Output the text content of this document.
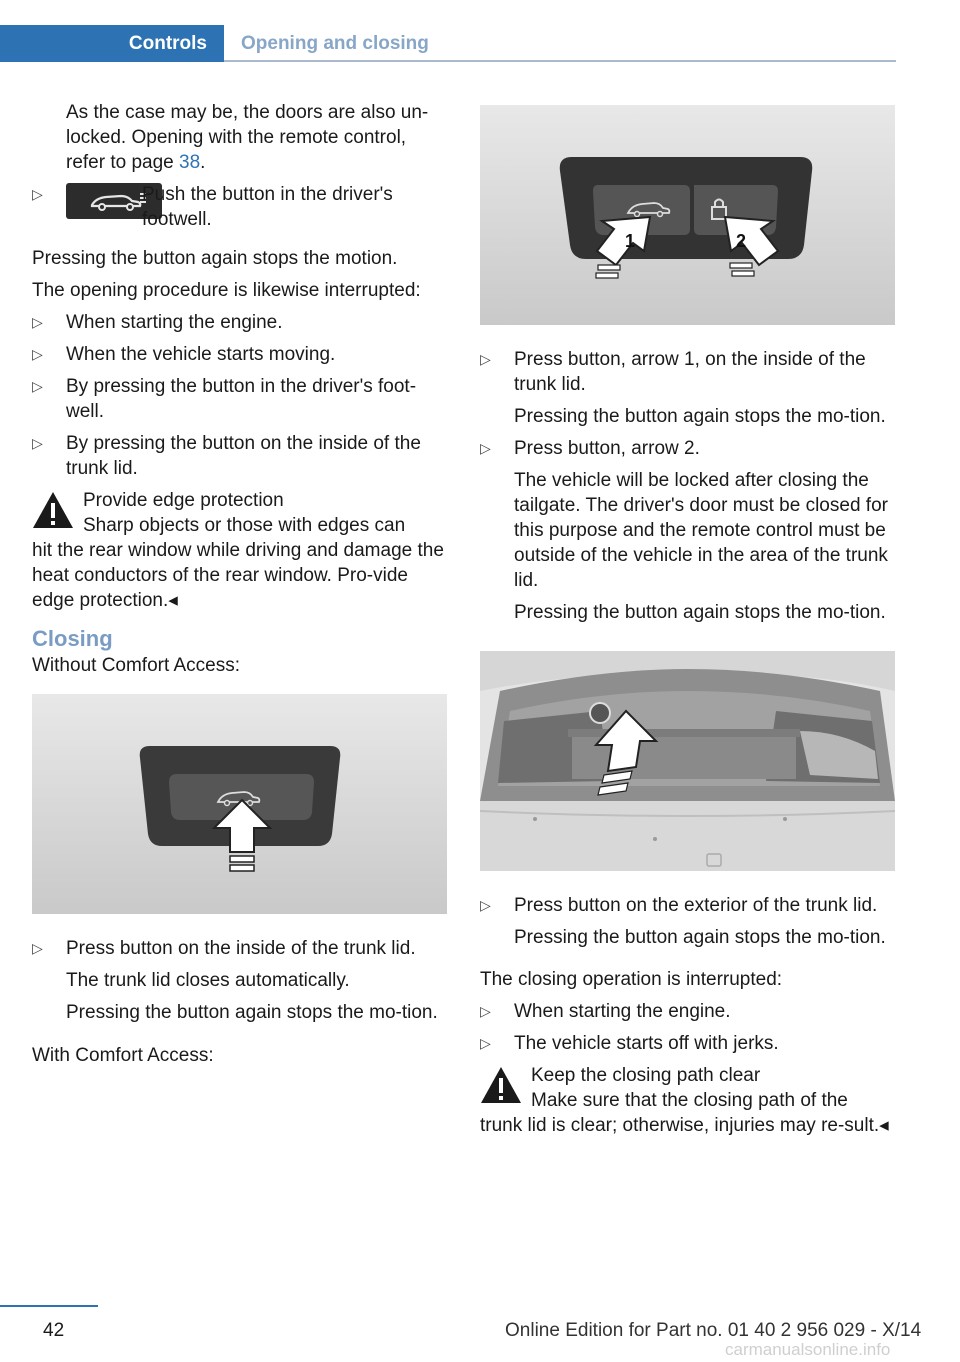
Controls	Opening and closing

As the case may be, the doors are also un-locked. Opening with the remote control, refer to page 38.

▷	Push the button in the driver's footwell.

Pressing the button again stops the motion.

The opening procedure is likewise interrupted:

▷ When starting the engine.
▷ When the vehicle starts moving.
▷ By pressing the button in the driver's foot-well.
▷ By pressing the button on the inside of the trunk lid.

Provide edge protection

Sharp objects or those with edges can

hit the rear window while driving and damage the heat conductors of the rear window. Pro-vide edge protection.◂

Closing

Without Comfort Access:

▷ Press button on the inside of the trunk lid.

The trunk lid closes automatically.

Pressing the button again stops the mo-tion.

With Comfort Access:

1	2
▷ Press button, arrow 1, on the inside of the trunk lid.

Pressing the button again stops the mo-tion.

▷ Press button, arrow 2.

The vehicle will be locked after closing the tailgate. The driver's door must be closed for this purpose and the remote control must be outside of the vehicle in the area of the trunk lid.

Pressing the button again stops the mo-tion.

▷ Press button on the exterior of the trunk lid.

Pressing the button again stops the mo-tion.

The closing operation is interrupted:

▷ When starting the engine.
▷ The vehicle starts off with jerks.

Keep the closing path clear

Make sure that the closing path of the

trunk lid is clear; otherwise, injuries may re-sult.◂

42	Online Edition for Part no. 01 40 2 956 029 - X/14
carmanualsonline.info
